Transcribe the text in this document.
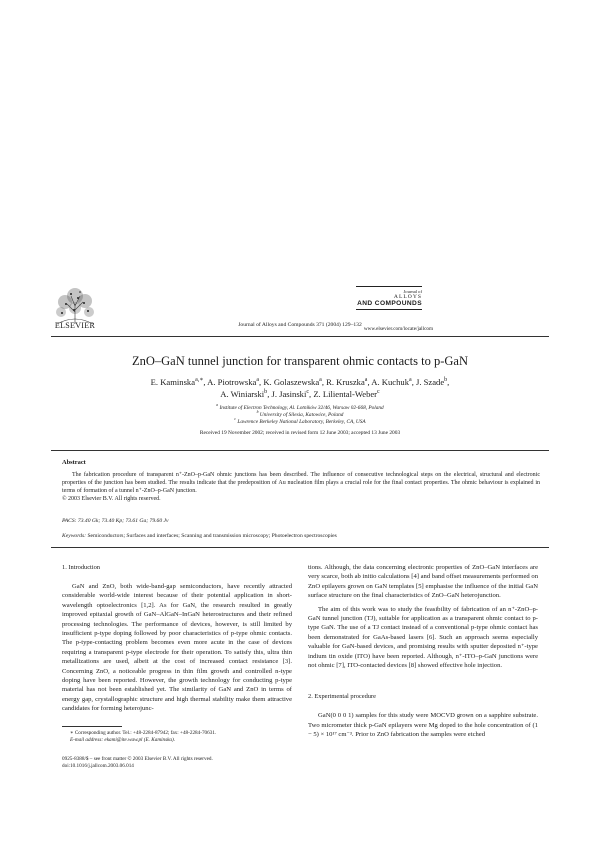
ELSEVIER	Journal of Alloys and Compounds 371 (2004) 129–132
Journal of
ALLOYS
AND COMPOUNDS
www.elsevier.com/locate/jallcom
ZnO–GaN tunnel junction for transparent ohmic contacts to p-GaN
E. Kaminska$^{a,∗}$, A. Piotrowska$^a$, K. Golaszewska$^a$, R. Kruszka$^a$, A. Kuchuk$^a$, J. Szade$^b$,
A. Winiarski$^b$, J. Jasinski$^c$, Z. Liliental-Weber$^c$
$^a$ Institute of Electron Technology, Al. Lotników 32/46, Warsaw 02-668, Poland
$^b$ University of Silesia, Katowice, Poland
$^c$ Lawrence Berkeley National Laboratory, Berkeley, CA, USA
Received 19 November 2002; received in revised form 12 June 2003; accepted 13 June 2003
Abstract
The fabrication procedure of transparent n⁺-ZnO–p-GaN ohmic junctions has been described. The influence of consecutive technological steps on the electrical, structural and electronic properties of the junction has been studied. The results indicate that the predeposition of Au nucleation film plays a crucial role for the final contact properties. The ohmic behaviour is explained in terms of formation of a tunnel n⁺-ZnO–p-GaN junction.
© 2003 Elsevier B.V. All rights reserved.
PACS: 73.40 Gk; 73.40 Kp; 73.61 Ga; 79.60 Jv
Keywords: Semiconductors; Surfaces and interfaces; Scanning and transmission microscopy; Photoelectron spectroscopies
1. Introduction

GaN and ZnO, both wide-band-gap semiconductors, have recently attracted considerable world-wide interest because of their potential application in short-wavelength optoelectronics [1,2]. As for GaN, the research resulted in greatly improved epitaxial growth of GaN–AlGaN–InGaN heterostructures and their refined processing technologies. The performance of devices, however, is still limited by insufficient p-type doping followed by poor characteristics of p-type ohmic contacts. The p-type-contacting problem becomes even more acute in the case of devices requiring a transparent p-type electrode for their operation. To satisfy this, ultra thin metallizations are used, albeit at the cost of increased contact resistance [3]. Concerning ZnO, a noticeable progress in thin film growth and controlled n-type doping have been reported. However, the growth technology for conducting p-type material has not been established yet. The similarity of GaN and ZnO in terms of energy gap, crystallographic structure and high thermal stability make them attractive candidates for forming heterojunc-

∗ Corresponding author. Tel.: +48-2284-87942; fax: +48-2284-70631.
E-mail address: ekami@ite.waw.pl (E. Kaminska).
0925-8388/$ – see front matter © 2003 Elsevier B.V. All rights reserved.
doi:10.1016/j.jallcom.2003.06.014

tions. Although, the data concerning electronic properties of ZnO–GaN interfaces are very scarce, both ab initio calculations [4] and band offset measurements performed on ZnO epilayers grown on GaN templates [5] emphasise the influence of the initial GaN surface structure on the final characteristics of ZnO–GaN heterojunction.

The aim of this work was to study the feasibility of fabrication of an n⁺-ZnO–p-GaN tunnel junction (TJ), suitable for application as a transparent ohmic contact to p-type GaN. The use of a TJ contact instead of a conventional p-type ohmic contact has been demonstrated for GaAs-based lasers [6]. Such an approach seems especially valuable for GaN-based devices, and promising results with sputter deposited n⁺-type indium tin oxide (ITO) have been reported. Although, n⁺-ITO–p-GaN junctions were not ohmic [7], ITO-contacted devices [8] showed effective hole injection.

2. Experimental procedure

GaN(0 0 0 1) samples for this study were MOCVD grown on a sapphire substrate. Two micrometer thick p-GaN epilayers were Mg doped to the hole concentration of (1 − 5) × 10¹⁷ cm⁻³. Prior to ZnO fabrication the samples were etched
